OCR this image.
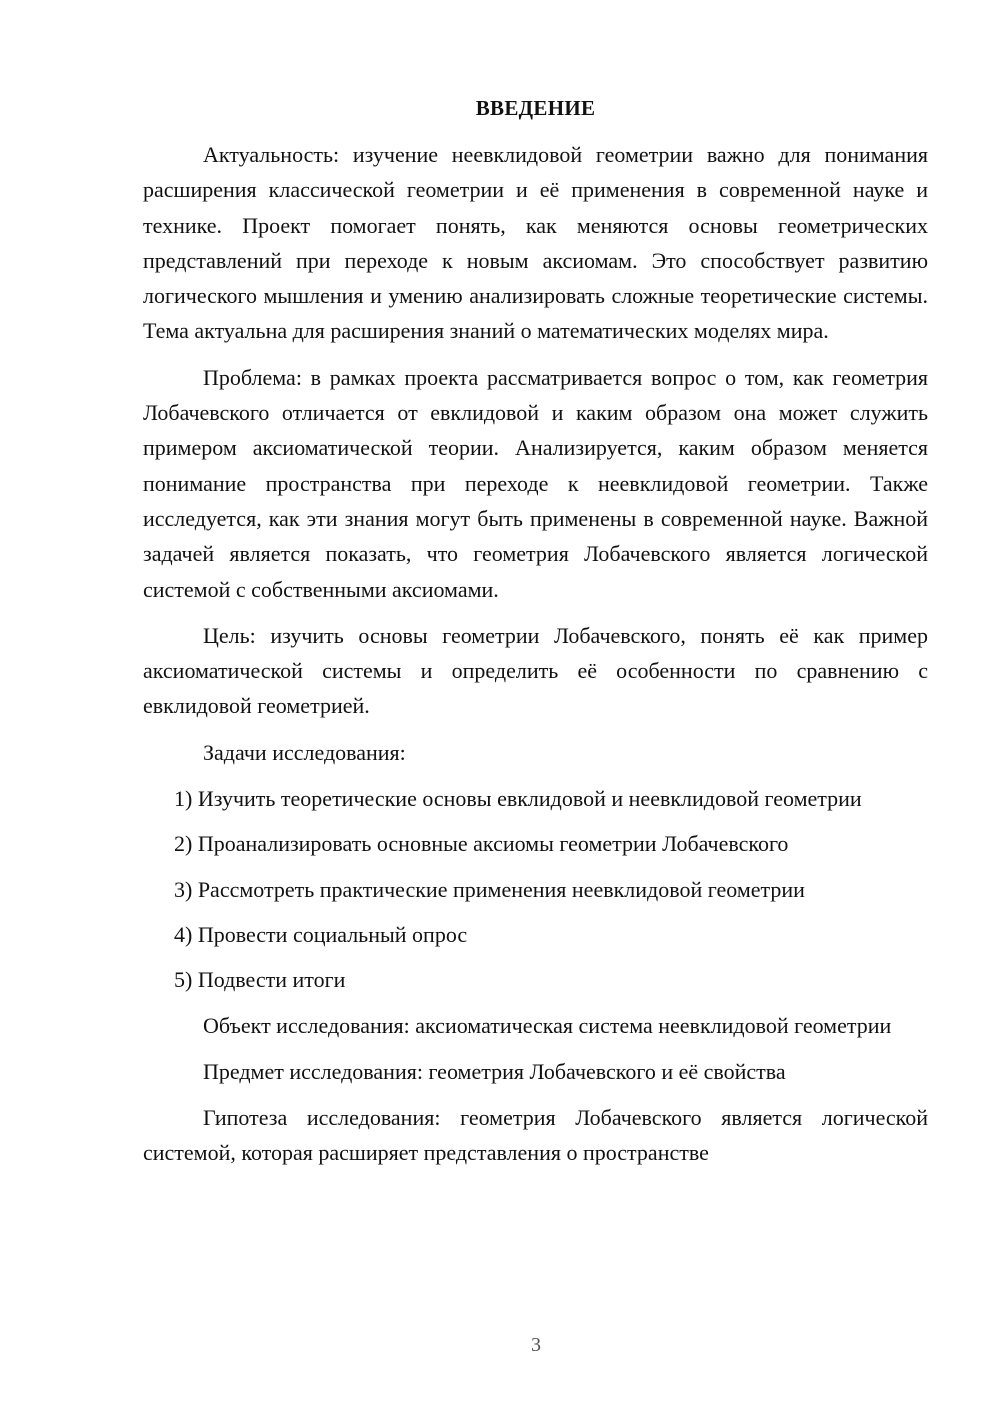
ВВЕДЕНИЕ

Актуальность: изучение неевклидовой геометрии важно для понимания расширения классической геометрии и её применения в современной науке и технике. Проект помогает понять, как меняются основы геометрических представлений при переходе к новым аксиомам. Это способствует развитию логического мышления и умению анализировать сложные теоретические системы. Тема актуальна для расширения знаний о математических моделях мира.

Проблема: в рамках проекта рассматривается вопрос о том, как геометрия Лобачевского отличается от евклидовой и каким образом она может служить примером аксиоматической теории. Анализируется, каким образом меняется понимание пространства при переходе к неевклидовой геометрии. Также исследуется, как эти знания могут быть применены в современной науке. Важной задачей является показать, что геометрия Лобачевского является логической системой с собственными аксиомами.

Цель: изучить основы геометрии Лобачевского, понять её как пример аксиоматической системы и определить её особенности по сравнению с евклидовой геометрией.

Задачи исследования:

1) Изучить теоретические основы евклидовой и неевклидовой геометрии

2) Проанализировать основные аксиомы геометрии Лобачевского

3) Рассмотреть практические применения неевклидовой геометрии

4) Провести социальный опрос

5) Подвести итоги

Объект исследования: аксиоматическая система неевклидовой геометрии

Предмет исследования: геометрия Лобачевского и её свойства

Гипотеза исследования: геометрия Лобачевского является логической системой, которая расширяет представления о пространстве

3
